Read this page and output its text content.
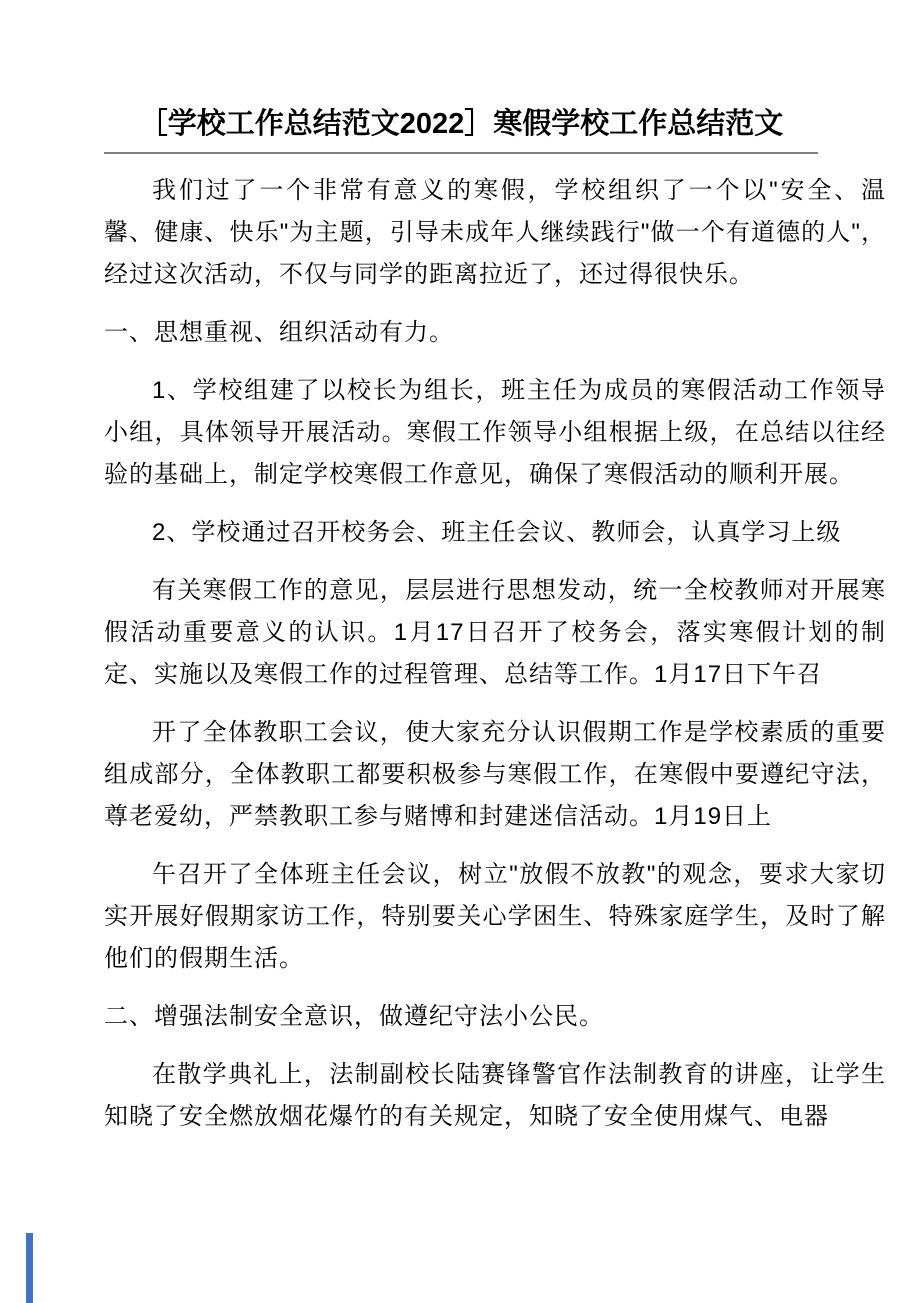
［学校工作总结范文2022］寒假学校工作总结范文

我们过了一个非常有意义的寒假，学校组织了一个以"安全、温馨、健康、快乐"为主题，引导未成年人继续践行"做一个有道德的人"，经过这次活动，不仅与同学的距离拉近了，还过得很快乐。

一、思想重视、组织活动有力。

1、学校组建了以校长为组长，班主任为成员的寒假活动工作领导小组，具体领导开展活动。寒假工作领导小组根据上级，在总结以往经验的基础上，制定学校寒假工作意见，确保了寒假活动的顺利开展。

2、学校通过召开校务会、班主任会议、教师会，认真学习上级

有关寒假工作的意见，层层进行思想发动，统一全校教师对开展寒假活动重要意义的认识。1月17日召开了校务会，落实寒假计划的制定、实施以及寒假工作的过程管理、总结等工作。1月17日下午召

开了全体教职工会议，使大家充分认识假期工作是学校素质的重要组成部分，全体教职工都要积极参与寒假工作，在寒假中要遵纪守法，尊老爱幼，严禁教职工参与赌博和封建迷信活动。1月19日上

午召开了全体班主任会议，树立"放假不放教"的观念，要求大家切实开展好假期家访工作，特别要关心学困生、特殊家庭学生，及时了解他们的假期生活。

二、增强法制安全意识，做遵纪守法小公民。

在散学典礼上，法制副校长陆赛锋警官作法制教育的讲座，让学生知晓了安全燃放烟花爆竹的有关规定，知晓了安全使用煤气、电器
